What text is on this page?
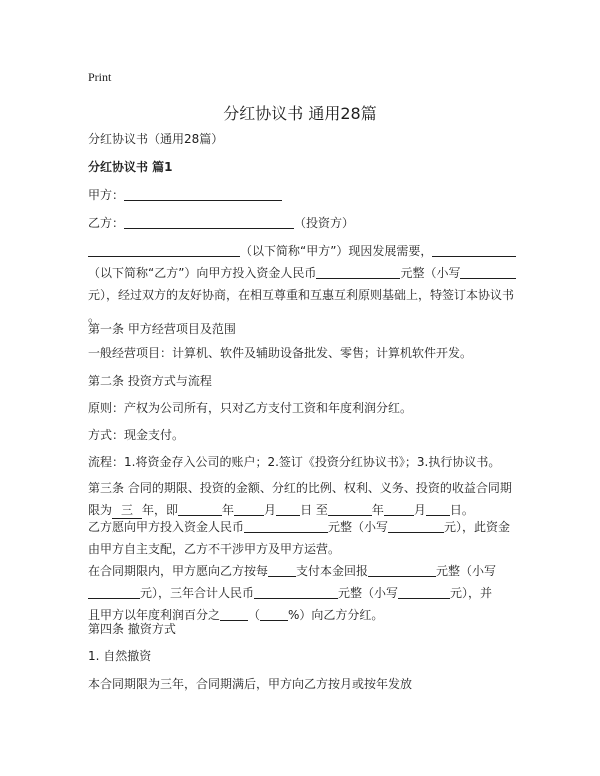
Print
分红协议书 通用28篇
分红协议书（通用28篇）
分红协议书 篇1
甲方：
乙方：	（投资方）
（以下简称“甲方”）现因发展需要，
（以下简称“乙方”）向甲方投入资金人民币	元整（小写
元），经过双方的友好协商，在相互尊重和互惠互利原则基础上，特签订本协议书
。
第一条 甲方经营项目及范围
一般经营项目：计算机、软件及辅助设备批发、零售；计算机软件开发。
第二条 投资方式与流程
原则：产权为公司所有，只对乙方支付工资和年度利润分红。
方式：现金支付。
流程：1.将资金存入公司的账户；2.签订《投资分红协议书》；3.执行协议书。
第三条 合同的期限、投资的金额、分红的比例、权利、义务、投资的收益合同期
限为 三 年，即	年	月 日 至	年	月 日。
乙方愿向甲方投入资金人民币	元整（小写	元），此资金
由甲方自主支配，乙方不干涉甲方及甲方运营。
在合同期限内，甲方愿向乙方按每 支付本金回报	元整（小写
元），三年合计人民币	元整（小写	元），并
且甲方以年度利润百分之 （ %）向乙方分红。
第四条 撤资方式
1. 自然撤资
本合同期限为三年，合同期满后，甲方向乙方按月或按年发放
